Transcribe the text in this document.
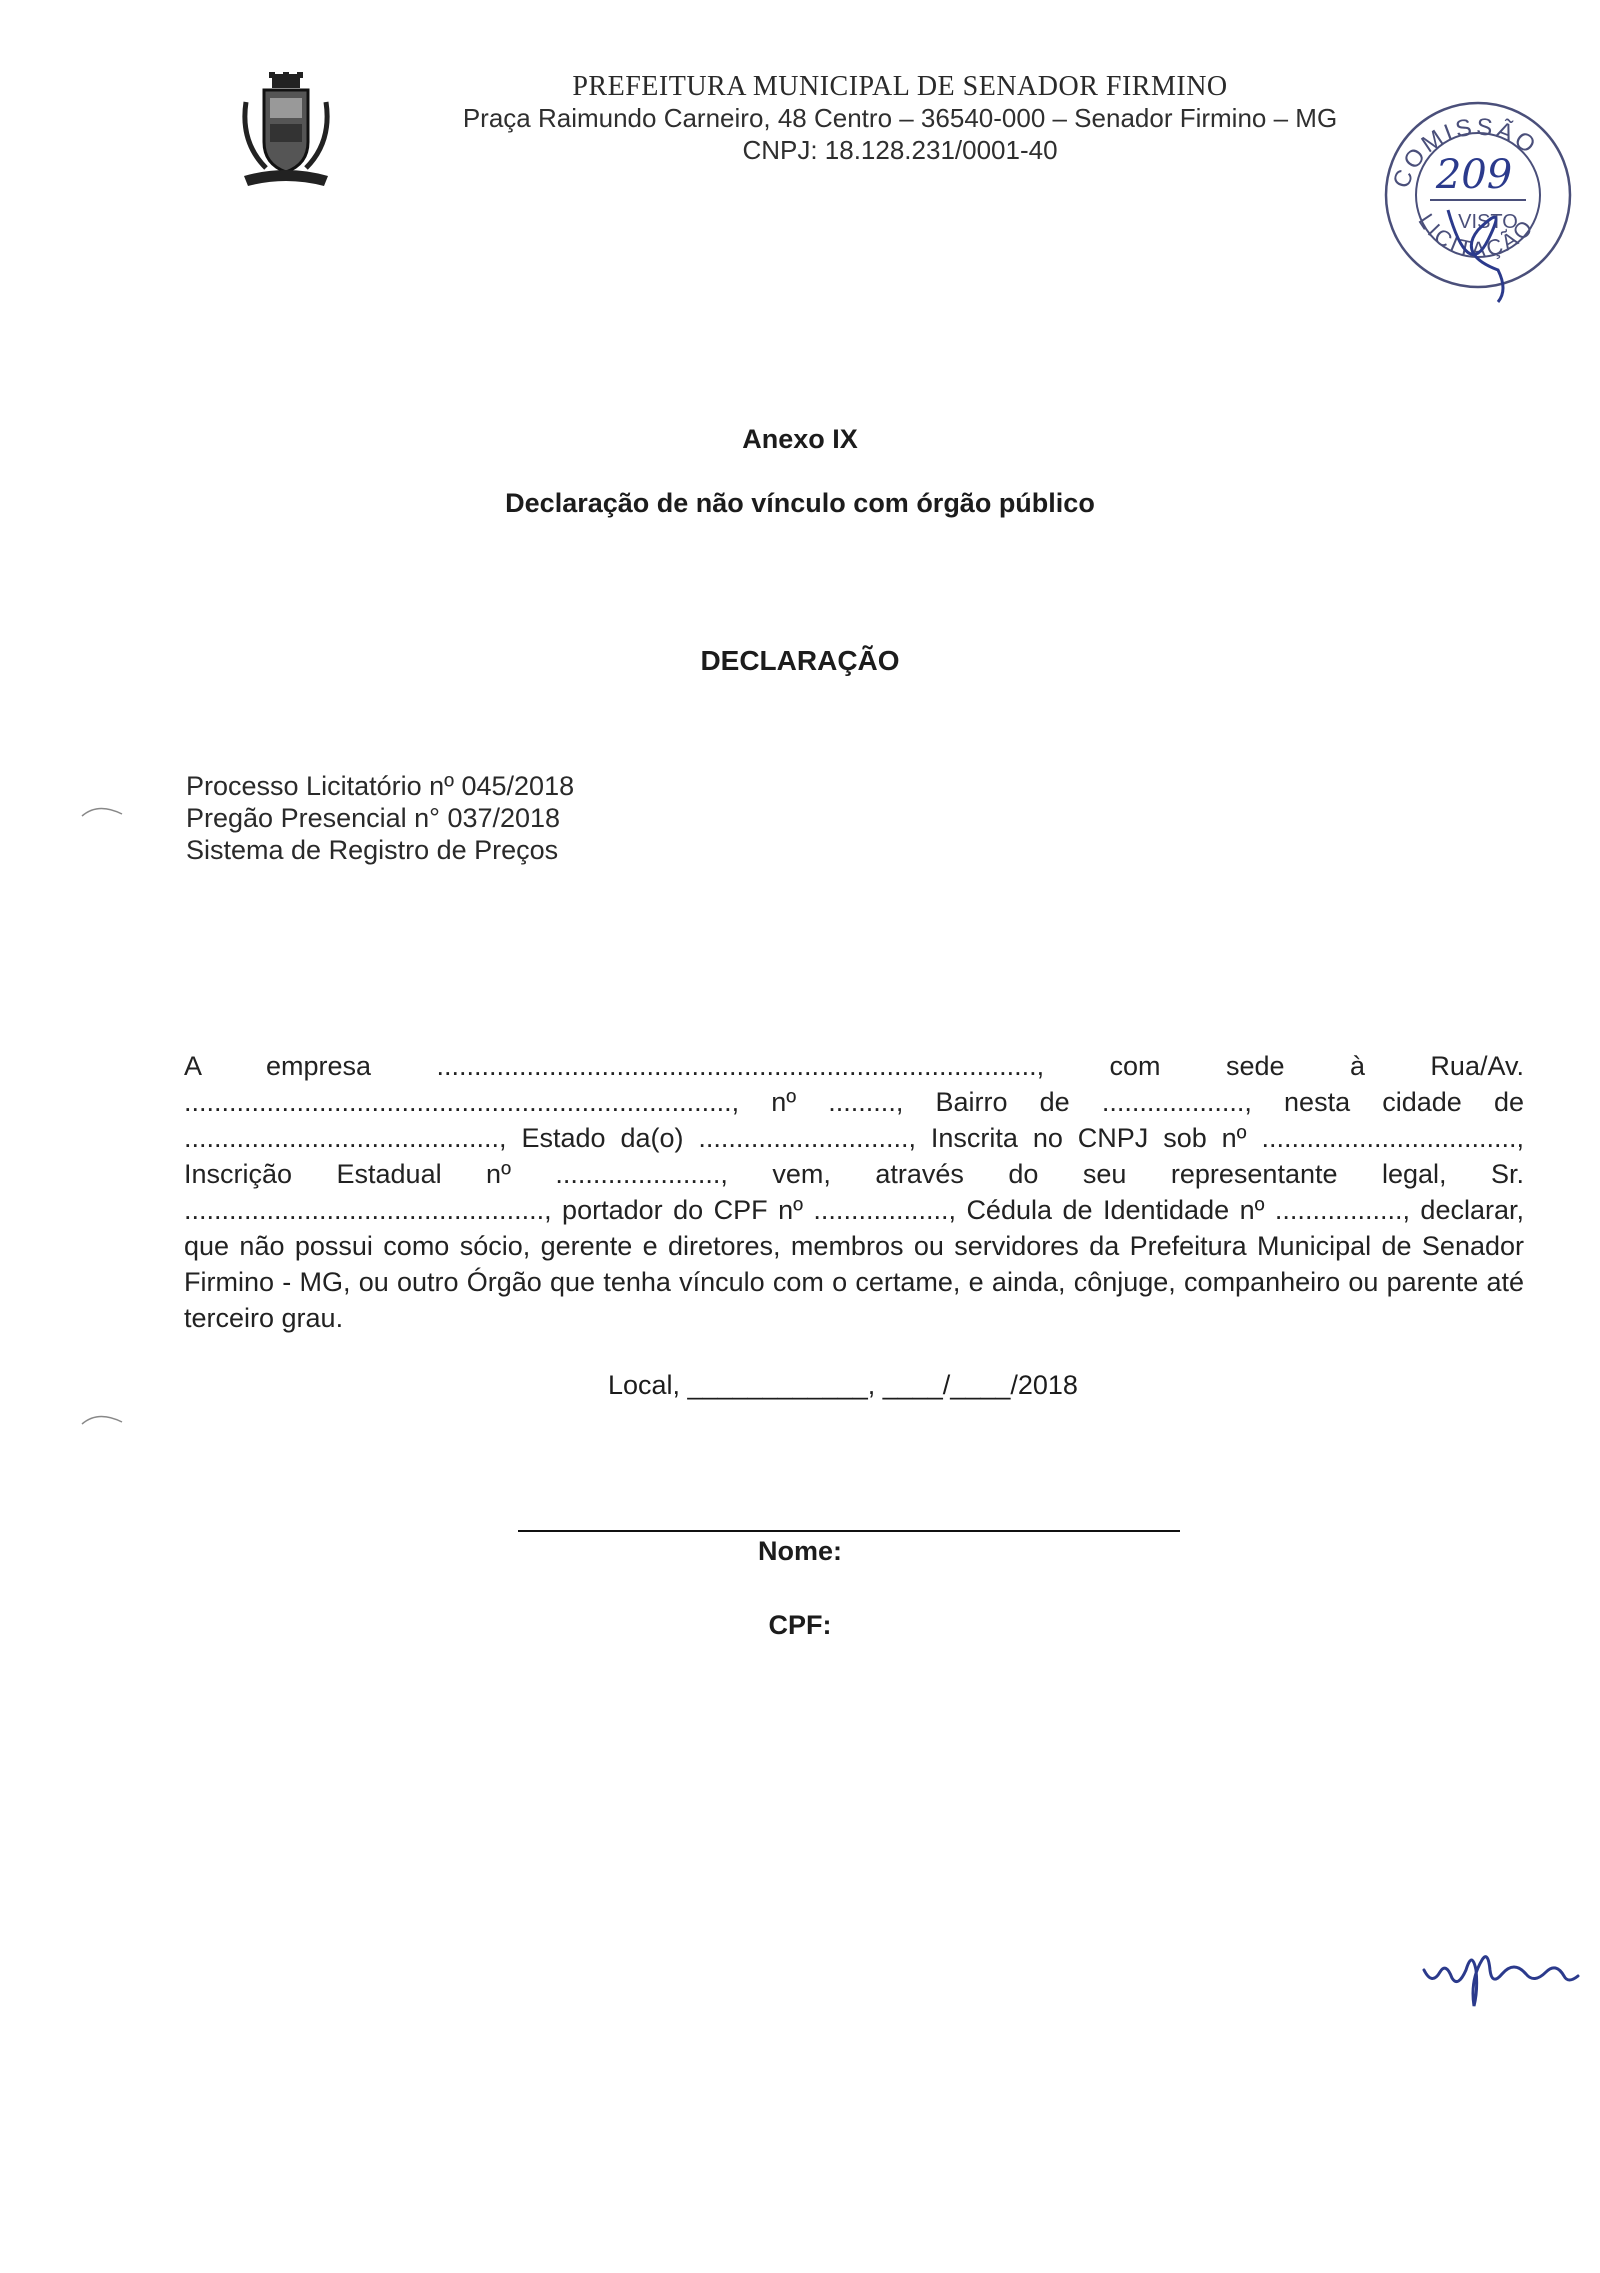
PREFEITURA MUNICIPAL DE SENADOR FIRMINO
Praça Raimundo Carneiro, 48 Centro – 36540-000 – Senador Firmino – MG
CNPJ: 18.128.231/0001-40
COMISSÃO
LICITAÇÃO
209
VISTO
Anexo IX
Declaração de não vínculo com órgão público
DECLARAÇÃO
Processo Licitatório nº 045/2018
Pregão Presencial n° 037/2018
Sistema de Registro de Preços
A empresa ................................................................................, com sede à Rua/Av. ........................................................................., nº ........., Bairro de ..................., nesta cidade de .........................................., Estado da(o) ............................, Inscrita no CNPJ sob nº .................................., Inscrição Estadual nº ......................, vem, através do seu representante legal, Sr. ................................................, portador do CPF nº .................., Cédula de Identidade nº ................., declarar, que não possui como sócio, gerente e diretores, membros ou servidores da Prefeitura Municipal de Senador Firmino - MG, ou outro Órgão que tenha vínculo com o certame, e ainda, cônjuge, companheiro ou parente até terceiro grau.
Local, ____________, ____/____/2018
Nome:
CPF:
